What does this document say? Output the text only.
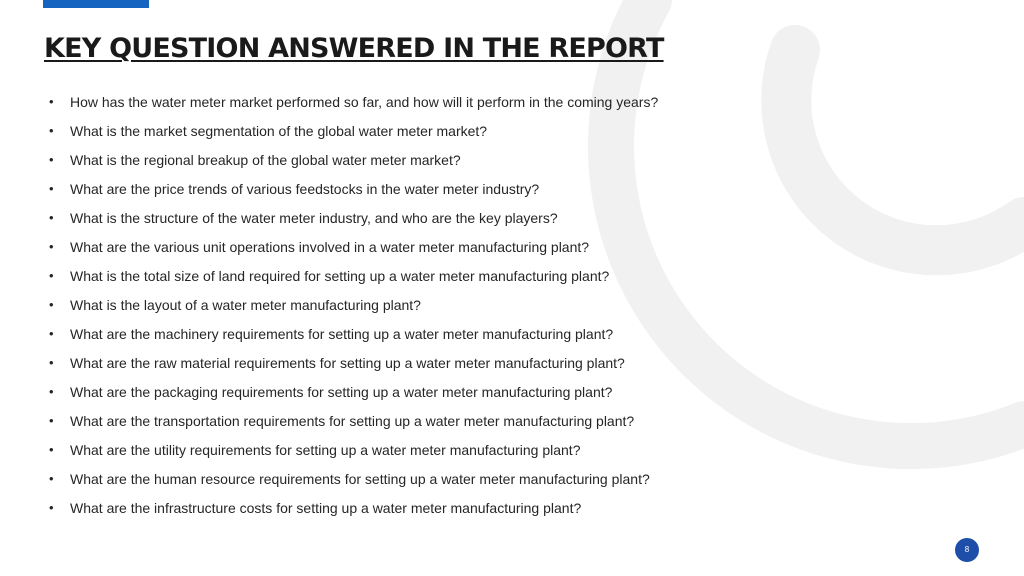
KEY QUESTION ANSWERED IN THE REPORT
• How has the water meter market performed so far, and how will it perform in the coming years?
• What is the market segmentation of the global water meter market?
• What is the regional breakup of the global water meter market?
• What are the price trends of various feedstocks in the water meter industry?
• What is the structure of the water meter industry, and who are the key players?
• What are the various unit operations involved in a water meter manufacturing plant?
• What is the total size of land required for setting up a water meter manufacturing plant?
• What is the layout of a water meter manufacturing plant?
• What are the machinery requirements for setting up a water meter manufacturing plant?
• What are the raw material requirements for setting up a water meter manufacturing plant?
• What are the packaging requirements for setting up a water meter manufacturing plant?
• What are the transportation requirements for setting up a water meter manufacturing plant?
• What are the utility requirements for setting up a water meter manufacturing plant?
• What are the human resource requirements for setting up a water meter manufacturing plant?
• What are the infrastructure costs for setting up a water meter manufacturing plant?
8
